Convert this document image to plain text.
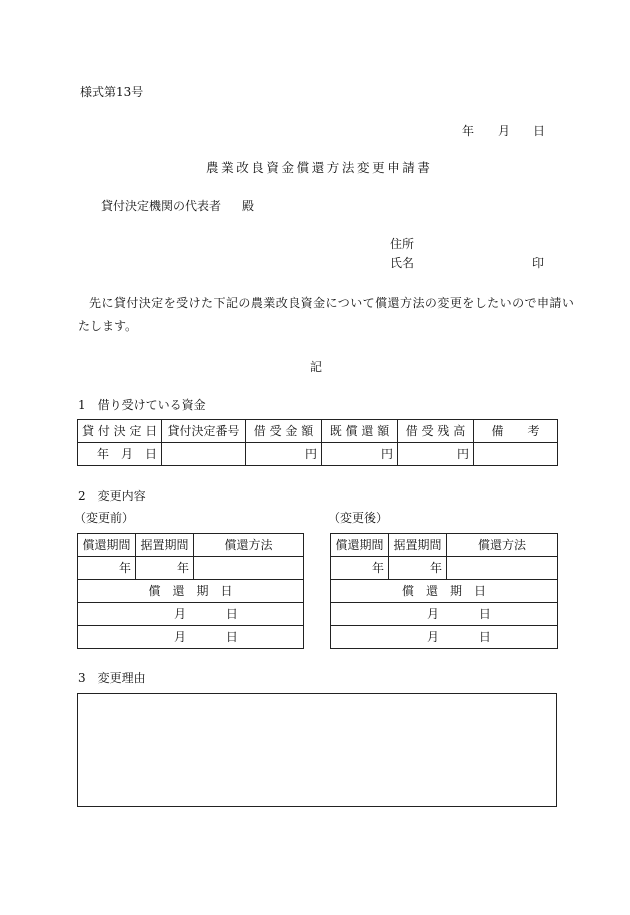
様式第13号
年 月 日
農業改良資金償還方法変更申請書
貸付決定機関の代表者 殿
住所
氏名	印
先に貸付決定を受けた下記の農業改良資金について償還方法の変更をしたいので申請い
たします。
記
1　借り受けている資金
貸 付 決 定 日	貸付決定番号	借 受 金 額	既 償 還 額	借 受 残 高	備　　考
年　月　日		円	円	円	
2　変更内容
（変更前）	（変更後）
償還期間	据置期間	償還方法
年	年	
償　還　期　日		
月 日		
月 日		
償還期間	据置期間	償還方法
年	年	
償　還　期　日		
月 日		
月 日		
3　変更理由
